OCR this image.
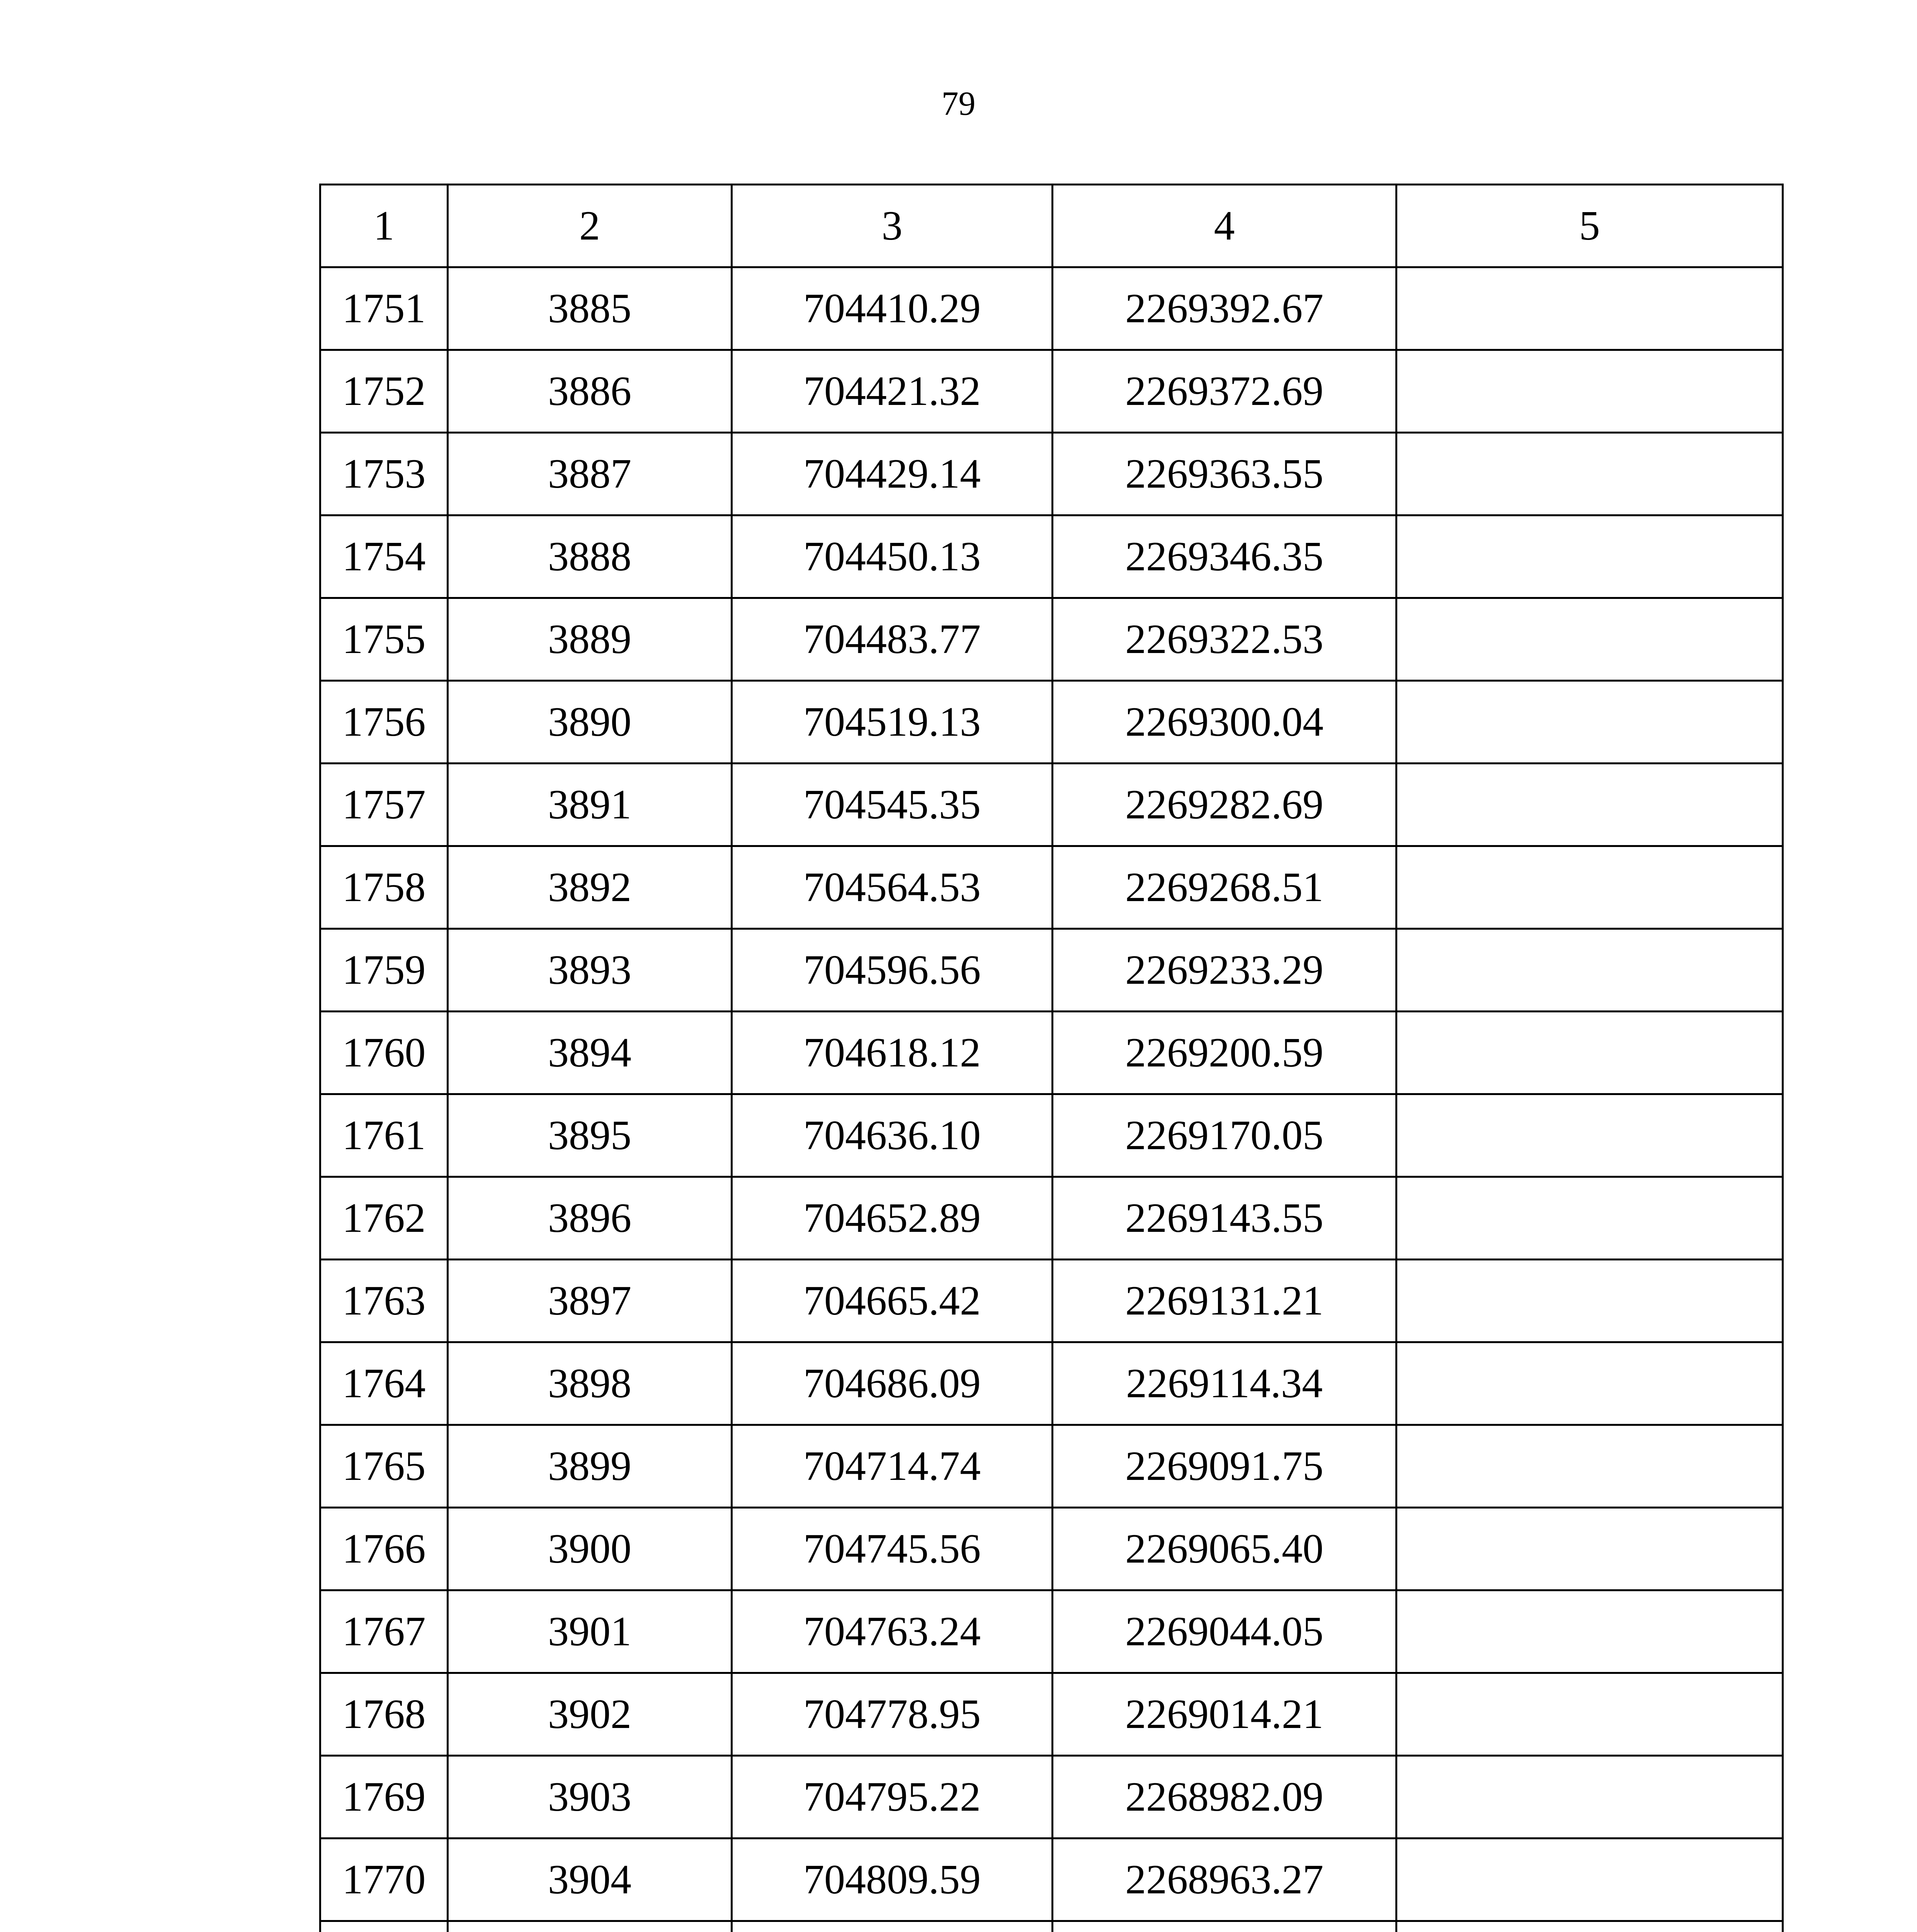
79
1	2	3	4	5
1751	3885	704410.29	2269392.67	
1752	3886	704421.32	2269372.69	
1753	3887	704429.14	2269363.55	
1754	3888	704450.13	2269346.35	
1755	3889	704483.77	2269322.53	
1756	3890	704519.13	2269300.04	
1757	3891	704545.35	2269282.69	
1758	3892	704564.53	2269268.51	
1759	3893	704596.56	2269233.29	
1760	3894	704618.12	2269200.59	
1761	3895	704636.10	2269170.05	
1762	3896	704652.89	2269143.55	
1763	3897	704665.42	2269131.21	
1764	3898	704686.09	2269114.34	
1765	3899	704714.74	2269091.75	
1766	3900	704745.56	2269065.40	
1767	3901	704763.24	2269044.05	
1768	3902	704778.95	2269014.21	
1769	3903	704795.22	2268982.09	
1770	3904	704809.59	2268963.27	
